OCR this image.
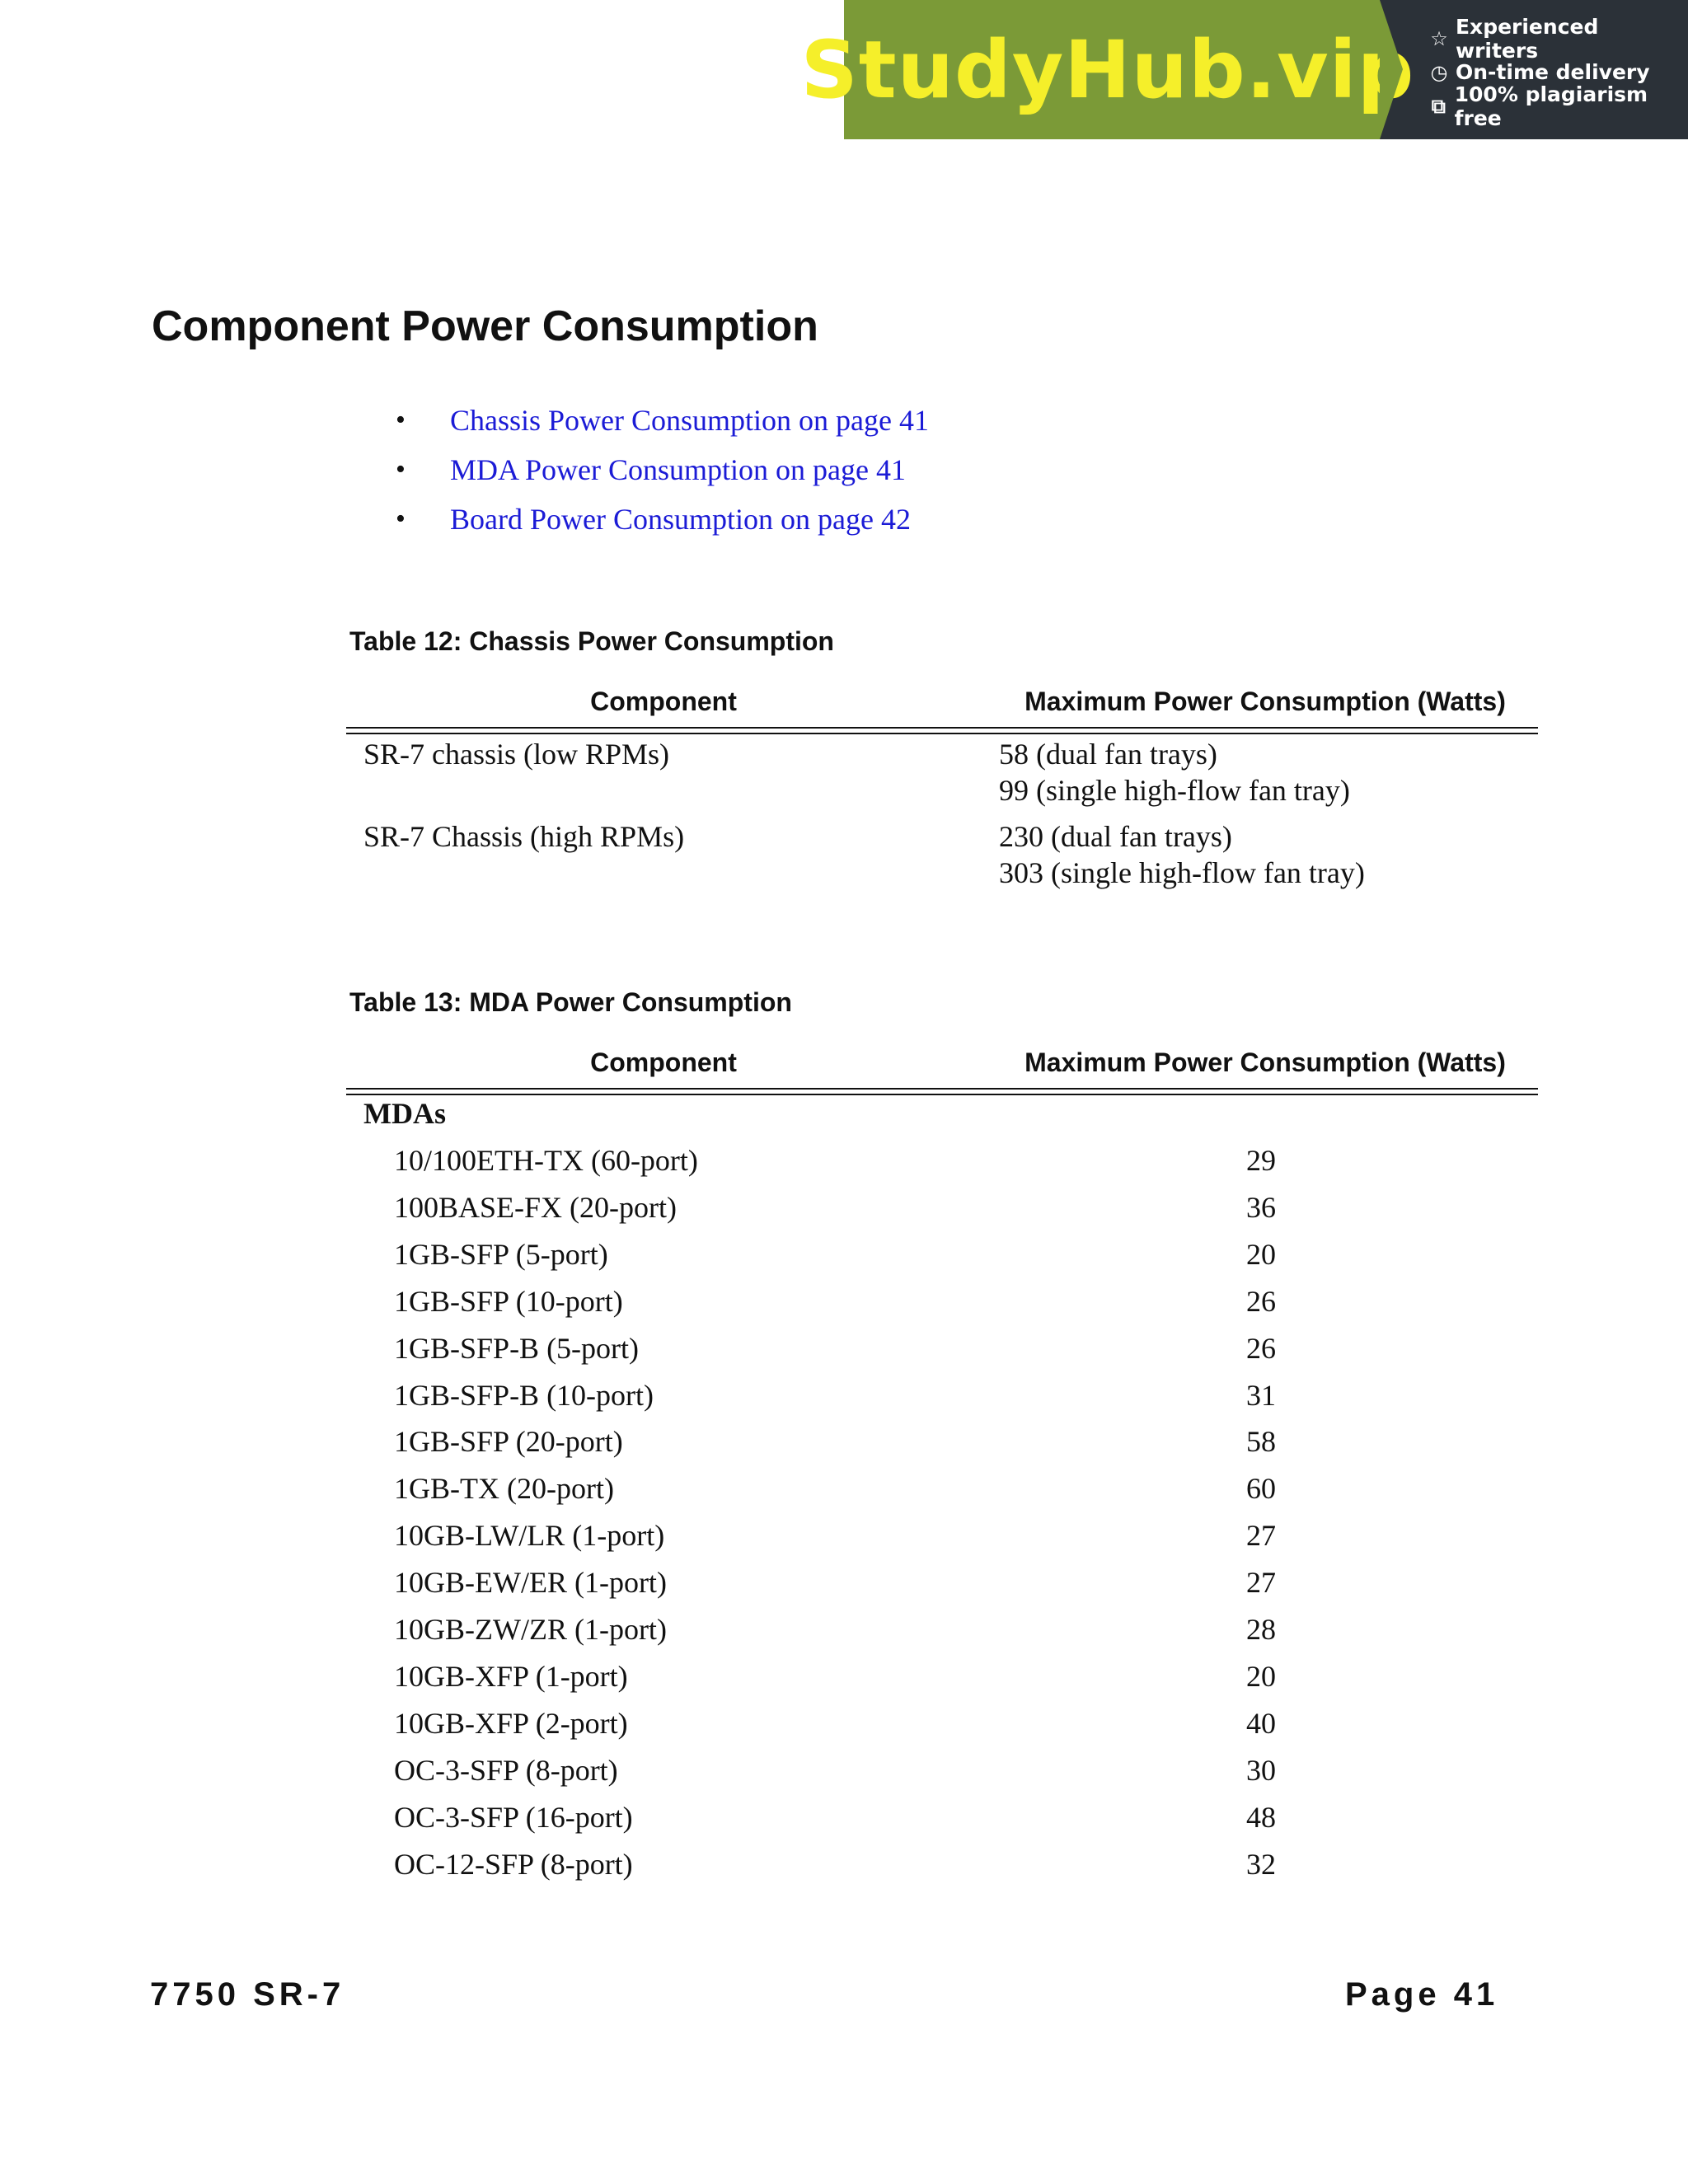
StudyHub.vip ☆ Experienced writers
◷ On-time delivery
⧉ 100% plagiarism free
Component Power Consumption
•	Chassis Power Consumption on page 41
•	MDA Power Consumption on page 41
•	Board Power Consumption on page 42
Table 12: Chassis Power Consumption
Component	Maximum Power Consumption (Watts)
SR-7 chassis (low RPMs)	58 (dual fan trays)
99 (single high-flow fan tray)
SR-7 Chassis (high RPMs)	230 (dual fan trays)
303 (single high-flow fan tray)
Table 13: MDA Power Consumption
Component	Maximum Power Consumption (Watts)
MDAs
10/100ETH-TX (60-port)	29
100BASE-FX (20-port)	36
1GB-SFP (5-port)	20
1GB-SFP (10-port)	26
1GB-SFP-B (5-port)	26
1GB-SFP-B (10-port)	31
1GB-SFP (20-port)	58
1GB-TX (20-port)	60
10GB-LW/LR (1-port)	27
10GB-EW/ER (1-port)	27
10GB-ZW/ZR (1-port)	28
10GB-XFP (1-port)	20
10GB-XFP (2-port)	40
OC-3-SFP (8-port)	30
OC-3-SFP (16-port)	48
OC-12-SFP (8-port)	32
7750 SR-7	Page 41
